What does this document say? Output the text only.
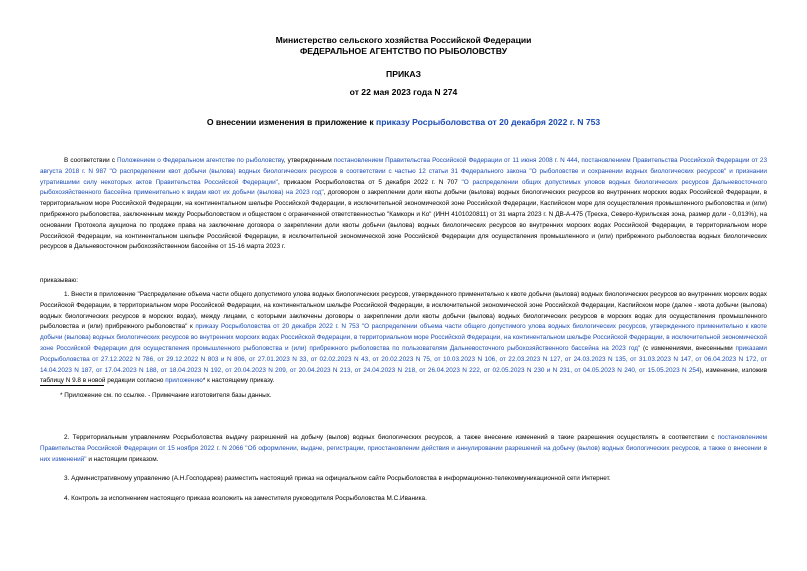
Министерство сельского хозяйства Российской Федерации
ФЕДЕРАЛЬНОЕ АГЕНТСТВО ПО РЫБОЛОВСТВУ
ПРИКАЗ
от 22 мая 2023 года N 274
О внесении изменения в приложение к приказу Росрыболовства от 20 декабря 2022 г. N 753

В соответствии с Положением о Федеральном агентстве по рыболовству, утвержденным постановлением Правительства Российской Федерации от 11 июня 2008 г. N 444, постановлением Правительства Российской Федерации от 23 августа 2018 г. N 987 "О распределении квот добычи (вылова) водных биологических ресурсов в соответствии с частью 12 статьи 31 Федерального закона "О рыболовстве и сохранении водных биологических ресурсов" и признании утратившими силу некоторых актов Правительства Российской Федерации", приказом Росрыболовства от 5 декабря 2022 г. N 707 "О распределении общих допустимых уловов водных биологических ресурсов Дальневосточного рыбохозяйственного бассейна применительно к видам квот их добычи (вылова) на 2023 год", договором о закреплении доли квоты добычи (вылова) водных биологических ресурсов во внутренних морских водах Российской Федерации, в территориальном море Российской Федерации, на континентальном шельфе Российской Федерации, в исключительной экономической зоне Российской Федерации, Каспийском море для осуществления промышленного рыболовства и (или) прибрежного рыболовства, заключенным между Росрыболовством и обществом с ограниченной ответственностью "Камкорн и Ко" (ИНН 4101020811) от 31 марта 2023 г. N ДВ-А-475 (Треска, Северо-Курильская зона, размер доли - 0,013%), на основании Протокола аукциона по продаже права на заключение договора о закреплении доли квоты добычи (вылова) водных биологических ресурсов во внутренних морских водах Российской Федерации, в территориальном море Российской Федерации, на континентальном шельфе Российской Федерации, в исключительной экономической зоне Российской Федерации для осуществления промышленного и (или) прибрежного рыболовства водных биологических ресурсов в Дальневосточном рыбохозяйственном бассейне от 15-16 марта 2023 г.

приказываю:

1. Внести в приложение "Распределение объема части общего допустимого улова водных биологических ресурсов, утвержденного применительно к квоте добычи (вылова) водных биологических ресурсов во внутренних морских водах Российской Федерации, в территориальном море Российской Федерации, на континентальном шельфе Российской Федерации, в исключительной экономической зоне Российской Федерации, Каспийском море (далее - квота добычи (вылова) водных биологических ресурсов в морских водах), между лицами, с которыми заключены договоры о закреплении доли квоты добычи (вылова) водных биологических ресурсов в морских водах для осуществления промышленного рыболовства и (или) прибрежного рыболовства" к приказу Росрыболовства от 20 декабря 2022 г. N 753 "О распределении объема части общего допустимого улова водных биологических ресурсов, утвержденного применительно к квоте добычи (вылова) водных биологических ресурсов во внутренних морских водах Российской Федерации, в территориальном море Российской Федерации, на континентальном шельфе Российской Федерации, в исключительной экономической зоне Российской Федерации для осуществления промышленного рыболовства и (или) прибрежного рыболовства по пользователям Дальневосточного рыбохозяйственного бассейна на 2023 год" (с изменениями, внесенными приказами Росрыболовства от 27.12.2022 N 786, от 29.12.2022 N 803 и N 806, от 27.01.2023 N 33, от 02.02.2023 N 43, от 20.02.2023 N 75, от 10.03.2023 N 106, от 22.03.2023 N 127, от 24.03.2023 N 135, от 31.03.2023 N 147, от 06.04.2023 N 172, от 14.04.2023 N 187, от 17.04.2023 N 188, от 18.04.2023 N 192, от 20.04.2023 N 209, от 20.04.2023 N 213, от 24.04.2023 N 218, от 26.04.2023 N 222, от 02.05.2023 N 230 и N 231, от 04.05.2023 N 240, от 15.05.2023 N 254), изменение, изложив таблицу N 9.8 в новой редакции согласно приложению* к настоящему приказу.

* Приложение см. по ссылке. - Примечание изготовителя базы данных.

2. Территориальным управлениям Росрыболовства выдачу разрешений на добычу (вылов) водных биологических ресурсов, а также внесение изменений в такие разрешения осуществлять в соответствии с постановлением Правительства Российской Федерации от 15 ноября 2022 г. N 2066 "Об оформлении, выдаче, регистрации, приостановлении действия и аннулировании разрешений на добычу (вылов) водных биологических ресурсов, а также о внесении в них изменений" и настоящим приказом.

3. Административному управлению (А.Н.Господарев) разместить настоящий приказ на официальном сайте Росрыболовства в информационно-телекоммуникационной сети Интернет.

4. Контроль за исполнением настоящего приказа возложить на заместителя руководителя Росрыболовства М.С.Иваника.
